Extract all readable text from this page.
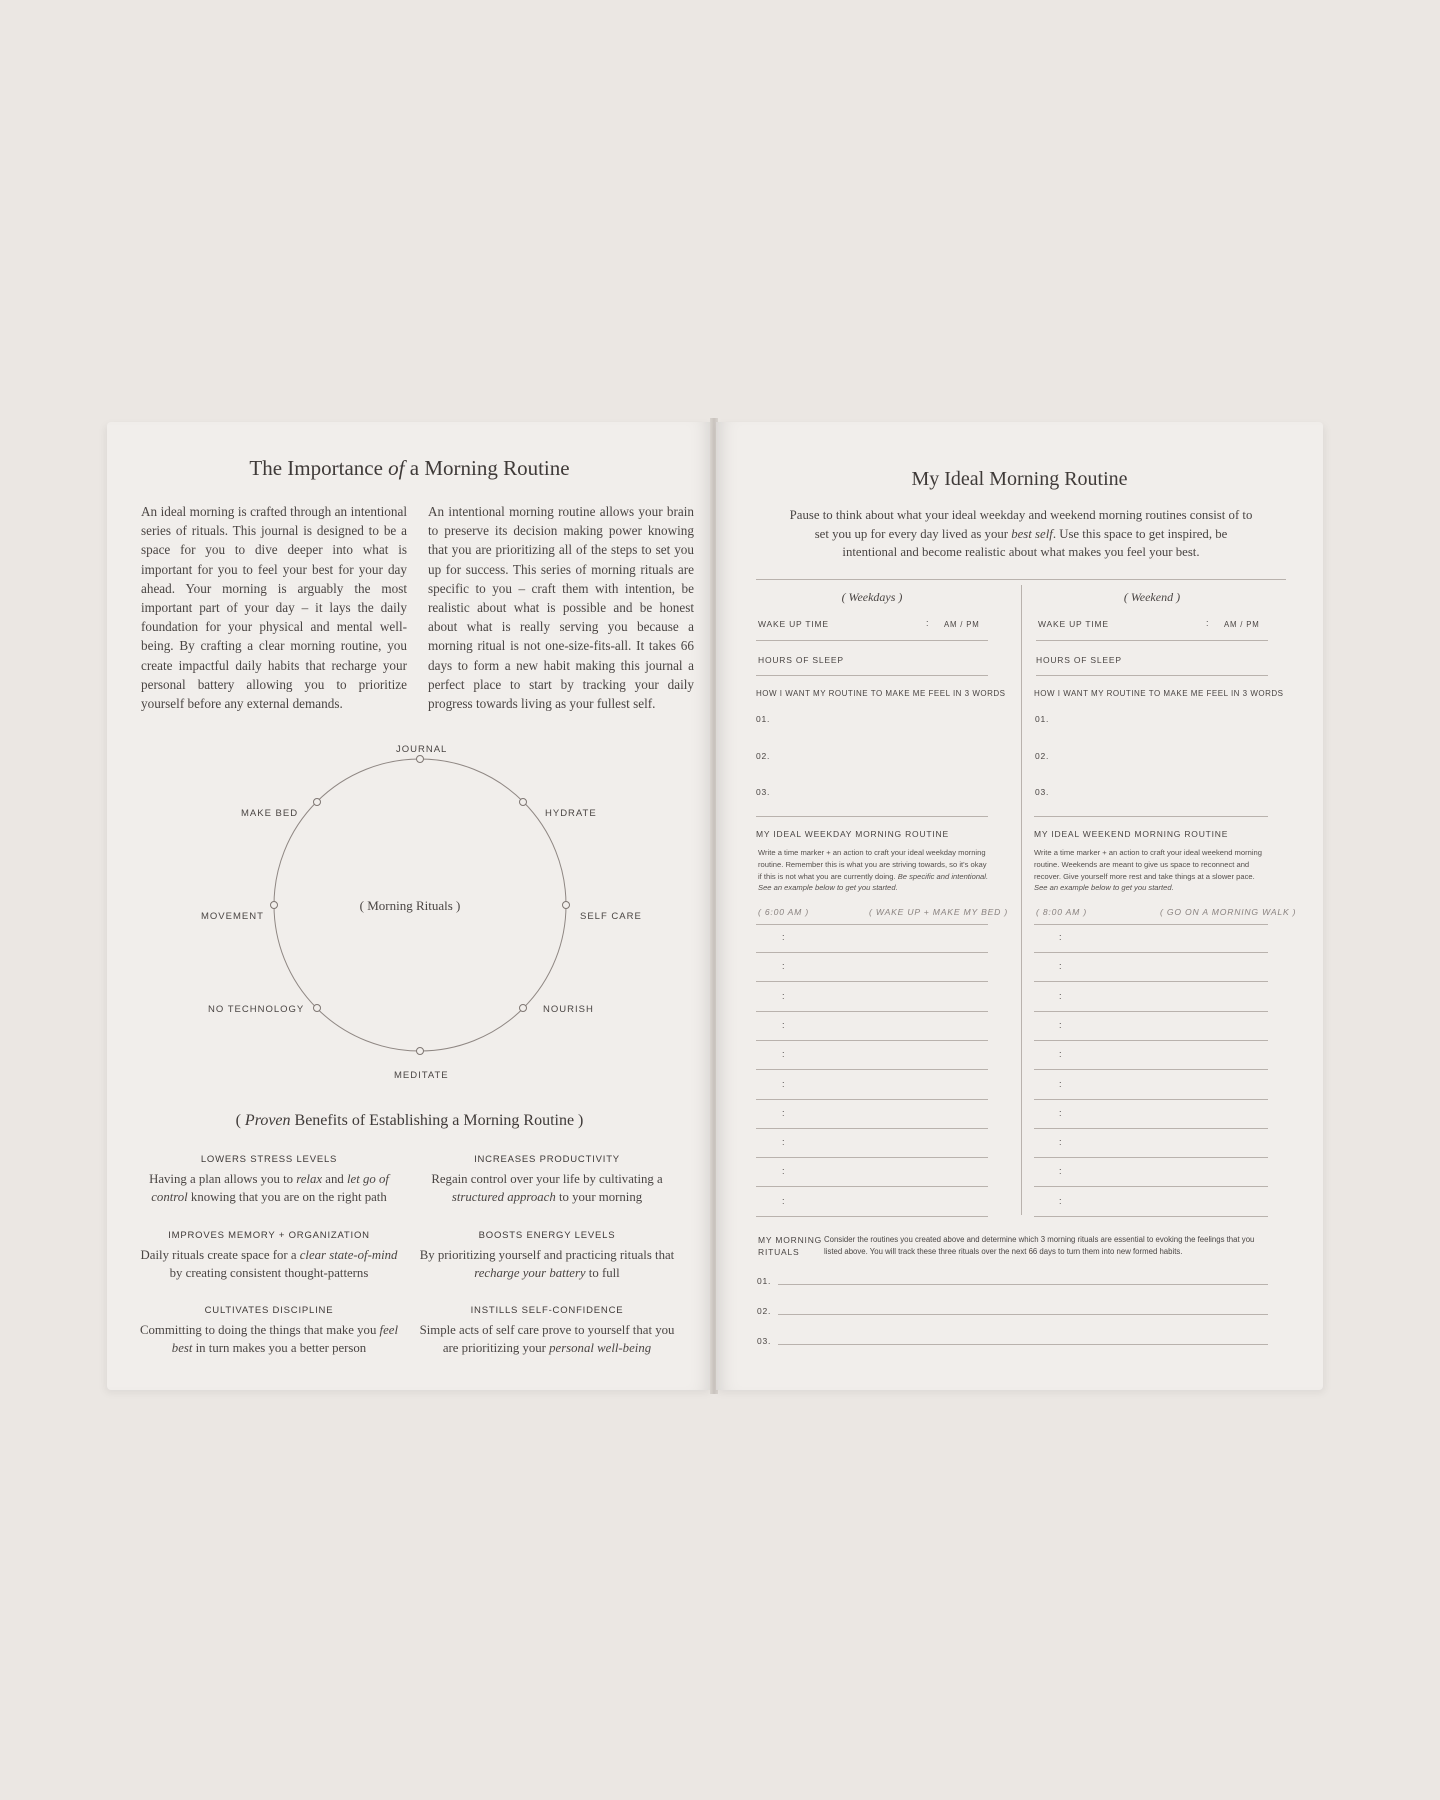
The Importance of a Morning Routine
An ideal morning is crafted through an intentional series of rituals. This journal is designed to be a space for you to dive deeper into what is important for you to feel your best for your day ahead. Your morning is arguably the most important part of your day – it lays the daily foundation for your physical and mental well-being. By crafting a clear morning routine, you create impactful daily habits that recharge your personal battery allowing you to prioritize yourself before any external demands.
An intentional morning routine allows your brain to preserve its decision making power knowing that you are prioritizing all of the steps to set you up for success. This series of morning rituals are specific to you – craft them with intention, be realistic about what is possible and be honest about what is really serving you because a morning ritual is not one-size-fits-all. It takes 66 days to form a new habit making this journal a perfect place to start by tracking your daily progress towards living as your fullest self.
JOURNAL
HYDRATE
SELF CARE
NOURISH
MEDITATE
NO TECHNOLOGY
MOVEMENT
MAKE BED
( Morning Rituals )
( Proven Benefits of Establishing a Morning Routine )
LOWERS STRESS LEVELS
Having a plan allows you to relax and let go of control knowing that you are on the right path
INCREASES PRODUCTIVITY
Regain control over your life by cultivating a structured approach to your morning
IMPROVES MEMORY + ORGANIZATION
Daily rituals create space for a clear state-of-mind by creating consistent thought-patterns
BOOSTS ENERGY LEVELS
By prioritizing yourself and practicing rituals that recharge your battery to full
CULTIVATES DISCIPLINE
Committing to doing the things that make you feel best in turn makes you a better person
INSTILLS SELF-CONFIDENCE
Simple acts of self care prove to yourself that you are prioritizing your personal well-being
My Ideal Morning Routine
Pause to think about what your ideal weekday and weekend morning routines consist of to set you up for every day lived as your best self. Use this space to get inspired, be intentional and become realistic about what makes you feel your best.
( Weekdays )
WAKE UP TIME	: AM / PM
HOURS OF SLEEP
HOW I WANT MY ROUTINE TO MAKE ME FEEL IN 3 WORDS
01.
02.
03.
MY IDEAL WEEKDAY MORNING ROUTINE
Write a time marker + an action to craft your ideal weekday morning routine. Remember this is what you are striving towards, so it's okay if this is not what you are currently doing. Be specific and intentional. See an example below to get you started.
( 6:00 AM )	( WAKE UP + MAKE MY BED )
( Weekend )
WAKE UP TIME	: AM / PM
HOURS OF SLEEP
HOW I WANT MY ROUTINE TO MAKE ME FEEL IN 3 WORDS
01.
02.
03.
MY IDEAL WEEKEND MORNING ROUTINE
Write a time marker + an action to craft your ideal weekend morning routine. Weekends are meant to give us space to reconnect and recover. Give yourself more rest and take things at a slower pace. See an example below to get you started.
( 8:00 AM )	( GO ON A MORNING WALK )
MY MORNING
RITUALS
Consider the routines you created above and determine which 3 morning rituals are essential to evoking the feelings that you listed above. You will track these three rituals over the next 66 days to turn them into new formed habits.
01.
02.
03.
:
:
:
:
:
:
:
:
:
:
:
:
:
:
:
:
:
:
:
:
